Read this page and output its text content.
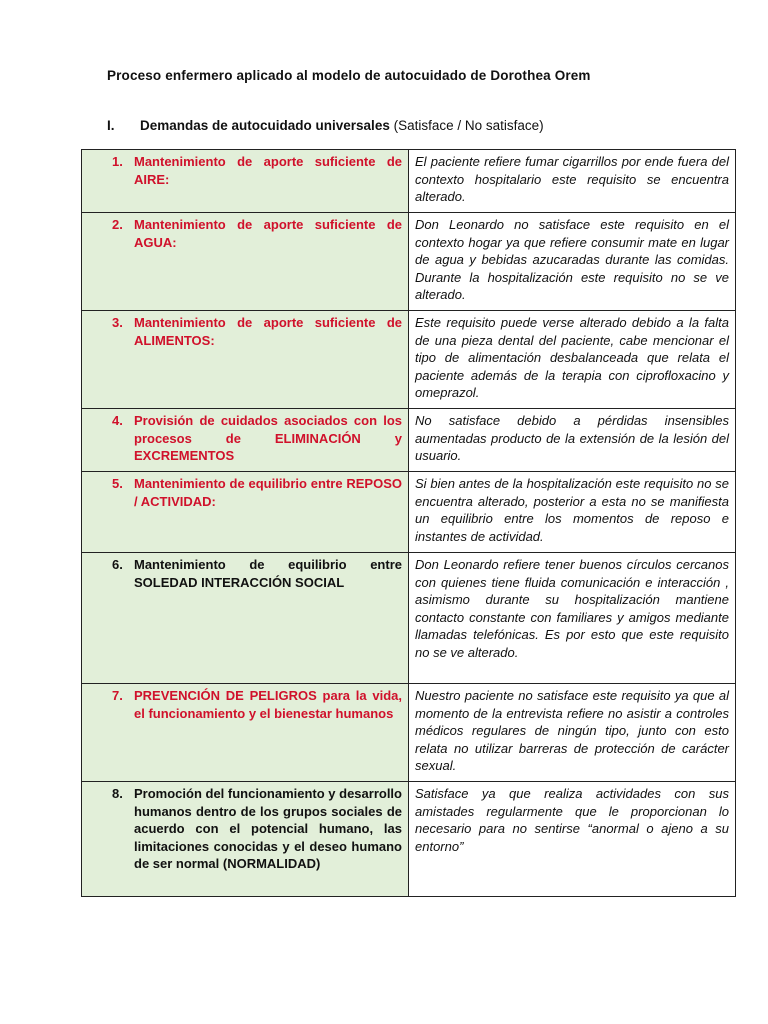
Proceso enfermero aplicado al modelo de autocuidado de Dorothea Orem
I. Demandas de autocuidado universales (Satisface / No satisface)
1. Mantenimiento de aporte suficiente de AIRE:	El paciente refiere fumar cigarrillos por ende fuera del contexto hospitalario este requisito se encuentra alterado.

2. Mantenimiento de aporte suficiente de AGUA:	Don Leonardo no satisface este requisito en el contexto hogar ya que refiere consumir mate en lugar de agua y bebidas azucaradas durante las comidas. Durante la hospitalización este requisito no se ve alterado.

3. Mantenimiento de aporte suficiente de ALIMENTOS:	Este requisito puede verse alterado debido a la falta de una pieza dental del paciente, cabe mencionar el tipo de alimentación desbalanceada que relata el paciente además de la terapia con ciprofloxacino y omeprazol.

4. Provisión de cuidados asociados con los procesos de ELIMINACIÓN y EXCREMENTOS	No satisface debido a pérdidas insensibles aumentadas producto de la extensión de la lesión del usuario.

5. Mantenimiento de equilibrio entre REPOSO / ACTIVIDAD:	Si bien antes de la hospitalización este requisito no se encuentra alterado, posterior a esta no se manifiesta un equilibrio entre los momentos de reposo e instantes de actividad.

6. Mantenimiento de equilibrio entre SOLEDAD INTERACCIÓN SOCIAL	Don Leonardo refiere tener buenos círculos cercanos con quienes tiene fluida comunicación e interacción , asimismo durante su hospitalización mantiene contacto constante con familiares y amigos mediante llamadas telefónicas. Es por esto que este requisito no se ve alterado.

7. PREVENCIÓN DE PELIGROS para la vida, el funcionamiento y el bienestar humanos	Nuestro paciente no satisface este requisito ya que al momento de la entrevista refiere no asistir a controles médicos regulares de ningún tipo, junto con esto relata no utilizar barreras de protección de carácter sexual.

8. Promoción del funcionamiento y desarrollo humanos dentro de los grupos sociales de acuerdo con el potencial humano, las limitaciones conocidas y el deseo humano de ser normal (NORMALIDAD)	Satisface ya que realiza actividades con sus amistades regularmente que le proporcionan lo necesario para no sentirse “anormal o ajeno a su entorno”
